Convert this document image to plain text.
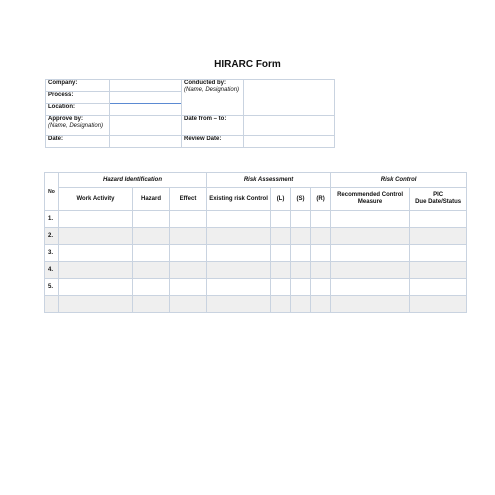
HIRARC Form
Company:		Conducted by:
(Name, Designation)	

Process:			
Location:			
Approve by:
(Name, Designation)		Date from – to:	
Date:		Review Date:	
No	Hazard Identification			Risk Assessment				Risk Control	
	Work Activity	Hazard	Effect	Existing risk Control	(L)	(S)	(R)	Recommended Control Measure	PIC
Due Date/Status
1.									
2.									
3.									
4.									
5.									
